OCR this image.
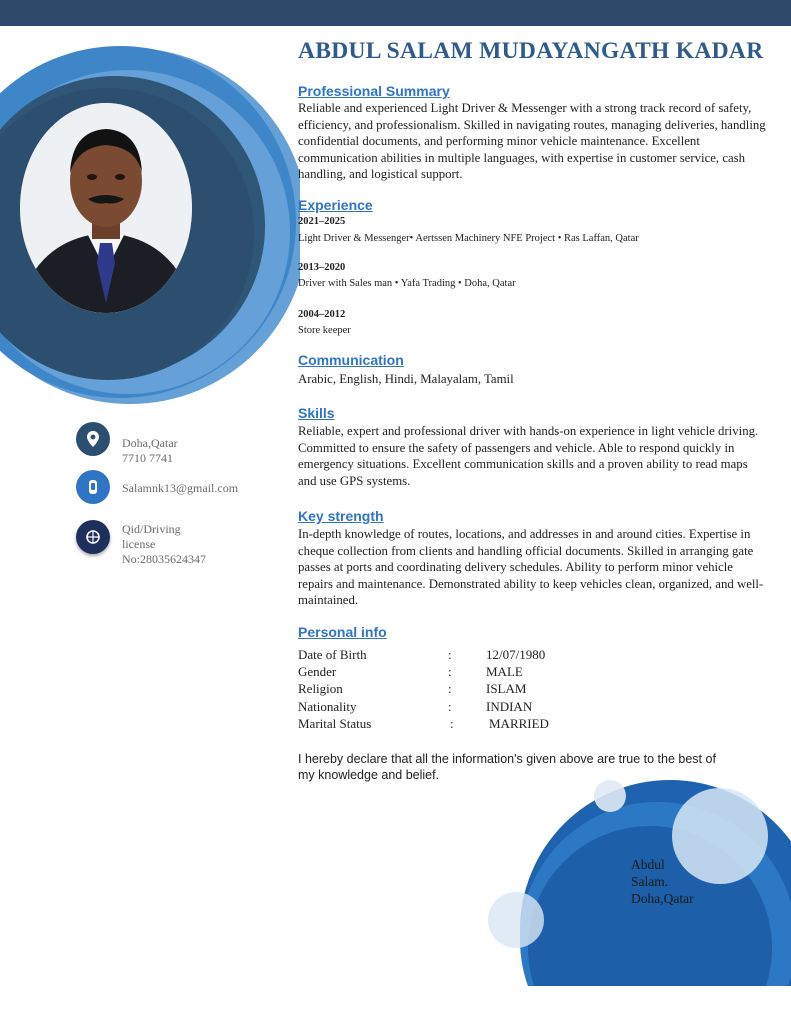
Doha,Qatar
7710 7741
Salamnk13@gmail.com
Qid/Driving
license
No:28035624347
ABDUL SALAM MUDAYANGATH KADAR
Professional Summary
Reliable and experienced Light Driver & Messenger with a strong track record of safety, efficiency, and professionalism. Skilled in navigating routes, managing deliveries, handling confidential documents, and performing minor vehicle maintenance. Excellent communication abilities in multiple languages, with expertise in customer service, cash handling, and logistical support.
Experience
2021–2025
Light Driver & Messenger• Aertssen Machinery NFE Project • Ras Laffan, Qatar
2013–2020
Driver with Sales man • Yafa Trading • Doha, Qatar
2004–2012
Store keeper
Communication
Arabic, English, Hindi, Malayalam, Tamil
Skills
Reliable, expert and professional driver with hands-on experience in light vehicle driving. Committed to ensure the safety of passengers and vehicle. Able to respond quickly in emergency situations. Excellent communication skills and a proven ability to read maps and use GPS systems.
Key strength
In-depth knowledge of routes, locations, and addresses in and around cities. Expertise in cheque collection from clients and handling official documents. Skilled in arranging gate passes at ports and coordinating delivery schedules. Ability to perform minor vehicle repairs and maintenance. Demonstrated ability to keep vehicles clean, organized, and well-maintained.
Personal info
Date of Birth	:	12/07/1980
Gender	:	MALE
Religion	:	ISLAM
Nationality	:	INDIAN
Marital Status	:	MARRIED
I hereby declare that all the information's given above are true to the best of my knowledge and belief.
Abdul
Salam.
Doha,Qatar
